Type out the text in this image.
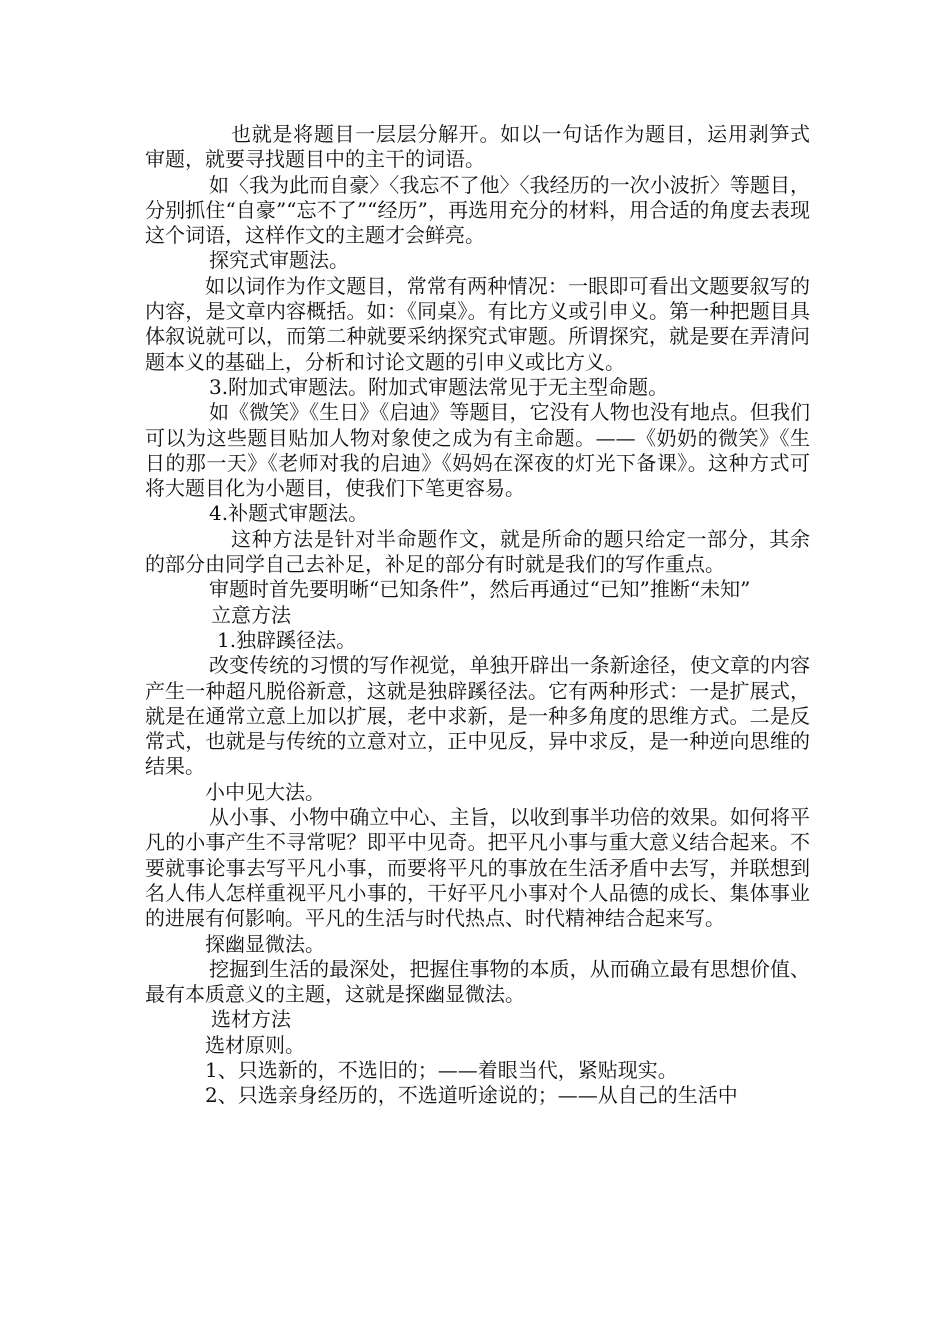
也就是将题目一层层分解开。如以一句话作为题目，运用剥笋式审题，就要寻找题目中的主干的词语。

如〈我为此而自豪〉〈我忘不了他〉〈我经历的一次小波折〉等题目，分别抓住“自豪”“忘不了”“经历”，再选用充分的材料，用合适的角度去表现这个词语，这样作文的主题才会鲜亮。

探究式审题法。

如以词作为作文题目，常常有两种情况：一眼即可看出文题要叙写的内容，是文章内容概括。如：《同桌》。有比方义或引申义。第一种把题目具体叙说就可以，而第二种就要采纳探究式审题。所谓探究，就是要在弄清问题本义的基础上，分析和讨论文题的引申义或比方义。

3.附加式审题法。附加式审题法常见于无主型命题。

如《微笑》《生日》《启迪》等题目，它没有人物也没有地点。但我们可以为这些题目贴加人物对象使之成为有主命题。——《奶奶的微笑》《生日的那一天》《老师对我的启迪》《妈妈在深夜的灯光下备课》。这种方式可将大题目化为小题目，使我们下笔更容易。

4.补题式审题法。

这种方法是针对半命题作文，就是所命的题只给定一部分，其余的部分由同学自己去补足，补足的部分有时就是我们的写作重点。

审题时首先要明晰“已知条件”，然后再通过“已知”推断“未知”

立意方法

1.独辟蹊径法。

改变传统的习惯的写作视觉，单独开辟出一条新途径，使文章的内容产生一种超凡脱俗新意，这就是独辟蹊径法。它有两种形式：一是扩展式，就是在通常立意上加以扩展，老中求新，是一种多角度的思维方式。二是反常式，也就是与传统的立意对立，正中见反，异中求反，是一种逆向思维的结果。

小中见大法。

从小事、小物中确立中心、主旨，以收到事半功倍的效果。如何将平凡的小事产生不寻常呢？即平中见奇。把平凡小事与重大意义结合起来。不要就事论事去写平凡小事，而要将平凡的事放在生活矛盾中去写，并联想到名人伟人怎样重视平凡小事的，干好平凡小事对个人品德的成长、集体事业的进展有何影响。平凡的生活与时代热点、时代精神结合起来写。

探幽显微法。

挖掘到生活的最深处，把握住事物的本质，从而确立最有思想价值、最有本质意义的主题，这就是探幽显微法。

选材方法

选材原则。

1、只选新的，不选旧的；——着眼当代，紧贴现实。

2、只选亲身经历的，不选道听途说的；——从自己的生活中
